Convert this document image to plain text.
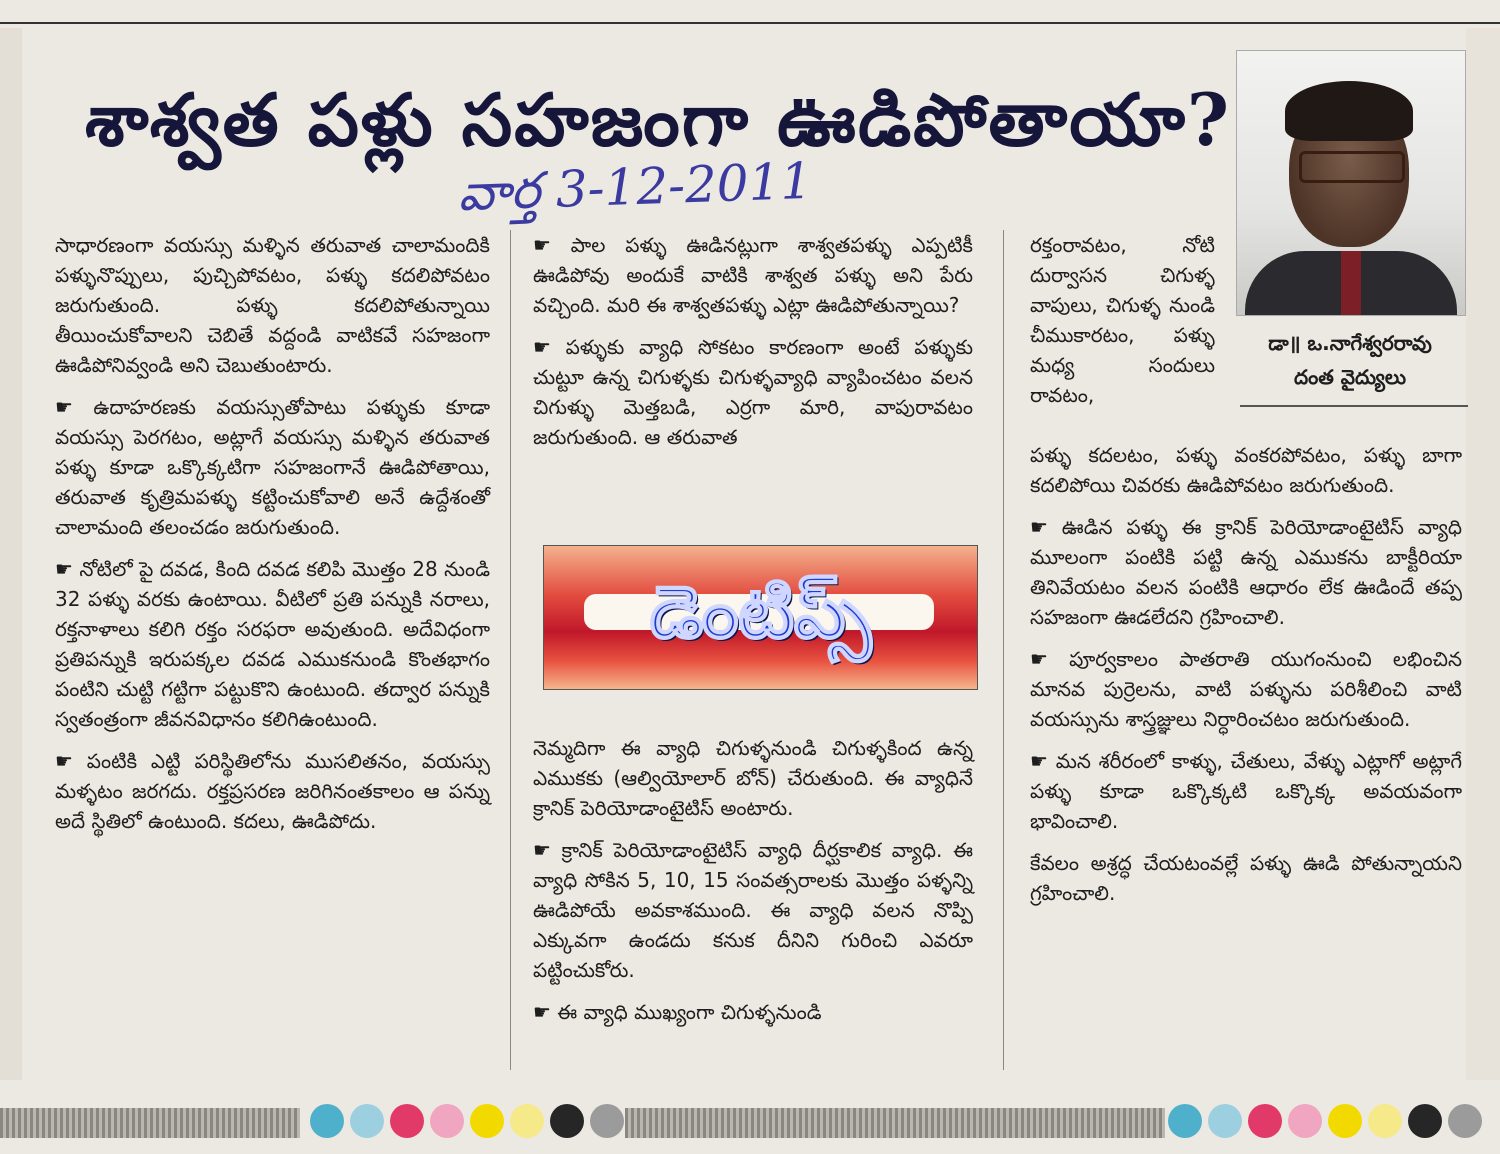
శాశ్వత పళ్లు సహజంగా ఊడిపోతాయా?
వార్త 3-12-2011
డా॥ ఒ.నాగేశ్వరరావు
దంత వైద్యులు

సాధారణంగా వయస్సు మళ్ళిన తరువాత చాలామందికి పళ్ళునొప్పులు, పుచ్చిపోవటం, పళ్ళు కదలిపోవటం జరుగుతుంది. పళ్ళు కదలిపోతున్నాయి తీయించుకోవాలని చెబితే వద్దండి వాటికవే సహజంగా ఊడిపోనివ్వండి అని చెబుతుంటారు.

☛ ఉదాహరణకు వయస్సుతోపాటు పళ్ళుకు కూడా వయస్సు పెరగటం, అట్లాగే వయస్సు మళ్ళిన తరువాత పళ్ళు కూడా ఒక్కొక్కటిగా సహజంగానే ఊడిపోతాయి, తరువాత కృత్రిమపళ్ళు కట్టించుకోవాలి అనే ఉద్దేశంతో చాలామంది తలంచడం జరుగుతుంది.

☛ నోటిలో పై దవడ, కింది దవడ కలిపి మొత్తం 28 నుండి 32 పళ్ళు వరకు ఉంటాయి. వీటిలో ప్రతి పన్నుకి నరాలు, రక్తనాళాలు కలిగి రక్తం సరఫరా అవుతుంది. అదేవిధంగా ప్రతిపన్నుకి ఇరుపక్కల దవడ ఎముకనుండి కొంతభాగం పంటిని చుట్టి గట్టిగా పట్టుకొని ఉంటుంది. తద్వార పన్నుకి స్వతంత్రంగా జీవనవిధానం కలిగిఉంటుంది.

☛ పంటికి ఎట్టి పరిస్థితిలోను ముసలితనం, వయస్సు మళ్ళటం జరగదు. రక్తప్రసరణ జరిగినంతకాలం ఆ పన్ను అదే స్థితిలో ఉంటుంది. కదలు, ఊడిపోదు.

☛ పాల పళ్ళు ఊడినట్లుగా శాశ్వతపళ్ళు ఎప్పటికీ ఊడిపోవు అందుకే వాటికి శాశ్వత పళ్ళు అని పేరు వచ్చింది. మరి ఈ శాశ్వతపళ్ళు ఎట్లా ఊడిపోతున్నాయి?

☛ పళ్ళుకు వ్యాధి సోకటం కారణంగా అంటే పళ్ళుకు చుట్టూ ఉన్న చిగుళ్ళకు చిగుళ్ళవ్యాధి వ్యాపించటం వలన చిగుళ్ళు మెత్తబడి, ఎర్రగా మారి, వాపురావటం జరుగుతుంది. ఆ తరువాత

డెంటిప్స్

నెమ్మదిగా ఈ వ్యాధి చిగుళ్ళనుండి చిగుళ్ళకింద ఉన్న ఎముకకు (ఆల్వియోలార్ బోన్) చేరుతుంది. ఈ వ్యాధినే క్రానిక్ పెరియోడాంటైటిస్ అంటారు.

☛ క్రానిక్ పెరియోడాంటైటిస్ వ్యాధి దీర్ఘకాలిక వ్యాధి. ఈ వ్యాధి సోకిన 5, 10, 15 సంవత్సరాలకు మొత్తం పళ్ళన్ని ఊడిపోయే అవకాశముంది. ఈ వ్యాధి వలన నొప్పి ఎక్కువగా ఉండదు కనుక దీనిని గురించి ఎవరూ పట్టించుకోరు.

☛ ఈ వ్యాధి ముఖ్యంగా చిగుళ్ళనుండి

రక్తంరావటం, నోటి దుర్వాసన చిగుళ్ళ వాపులు, చిగుళ్ళ నుండి చీముకారటం, పళ్ళు మధ్య సందులు రావటం,

పళ్ళు కదలటం, పళ్ళు వంకరపోవటం, పళ్ళు బాగా కదలిపోయి చివరకు ఊడిపోవటం జరుగుతుంది.

☛ ఊడిన పళ్ళు ఈ క్రానిక్ పెరియోడాంటైటిస్ వ్యాధి మూలంగా పంటికి పట్టి ఉన్న ఎముకను బాక్టీరియా తినివేయటం వలన పంటికి ఆధారం లేక ఊడిందే తప్ప సహజంగా ఊడలేదని గ్రహించాలి.

☛ పూర్వకాలం పాతరాతి యుగంనుంచి లభించిన మానవ పుర్రెలను, వాటి పళ్ళును పరిశీలించి వాటి వయస్సును శాస్త్రజ్ఞులు నిర్ధారించటం జరుగుతుంది.

☛ మన శరీరంలో కాళ్ళు, చేతులు, వేళ్ళు ఎట్లాగో అట్లాగే పళ్ళు కూడా ఒక్కొక్కటి ఒక్కొక్క అవయవంగా భావించాలి.

కేవలం అశ్రద్ధ చేయటంవల్లే పళ్ళు ఊడి పోతున్నాయని గ్రహించాలి.
